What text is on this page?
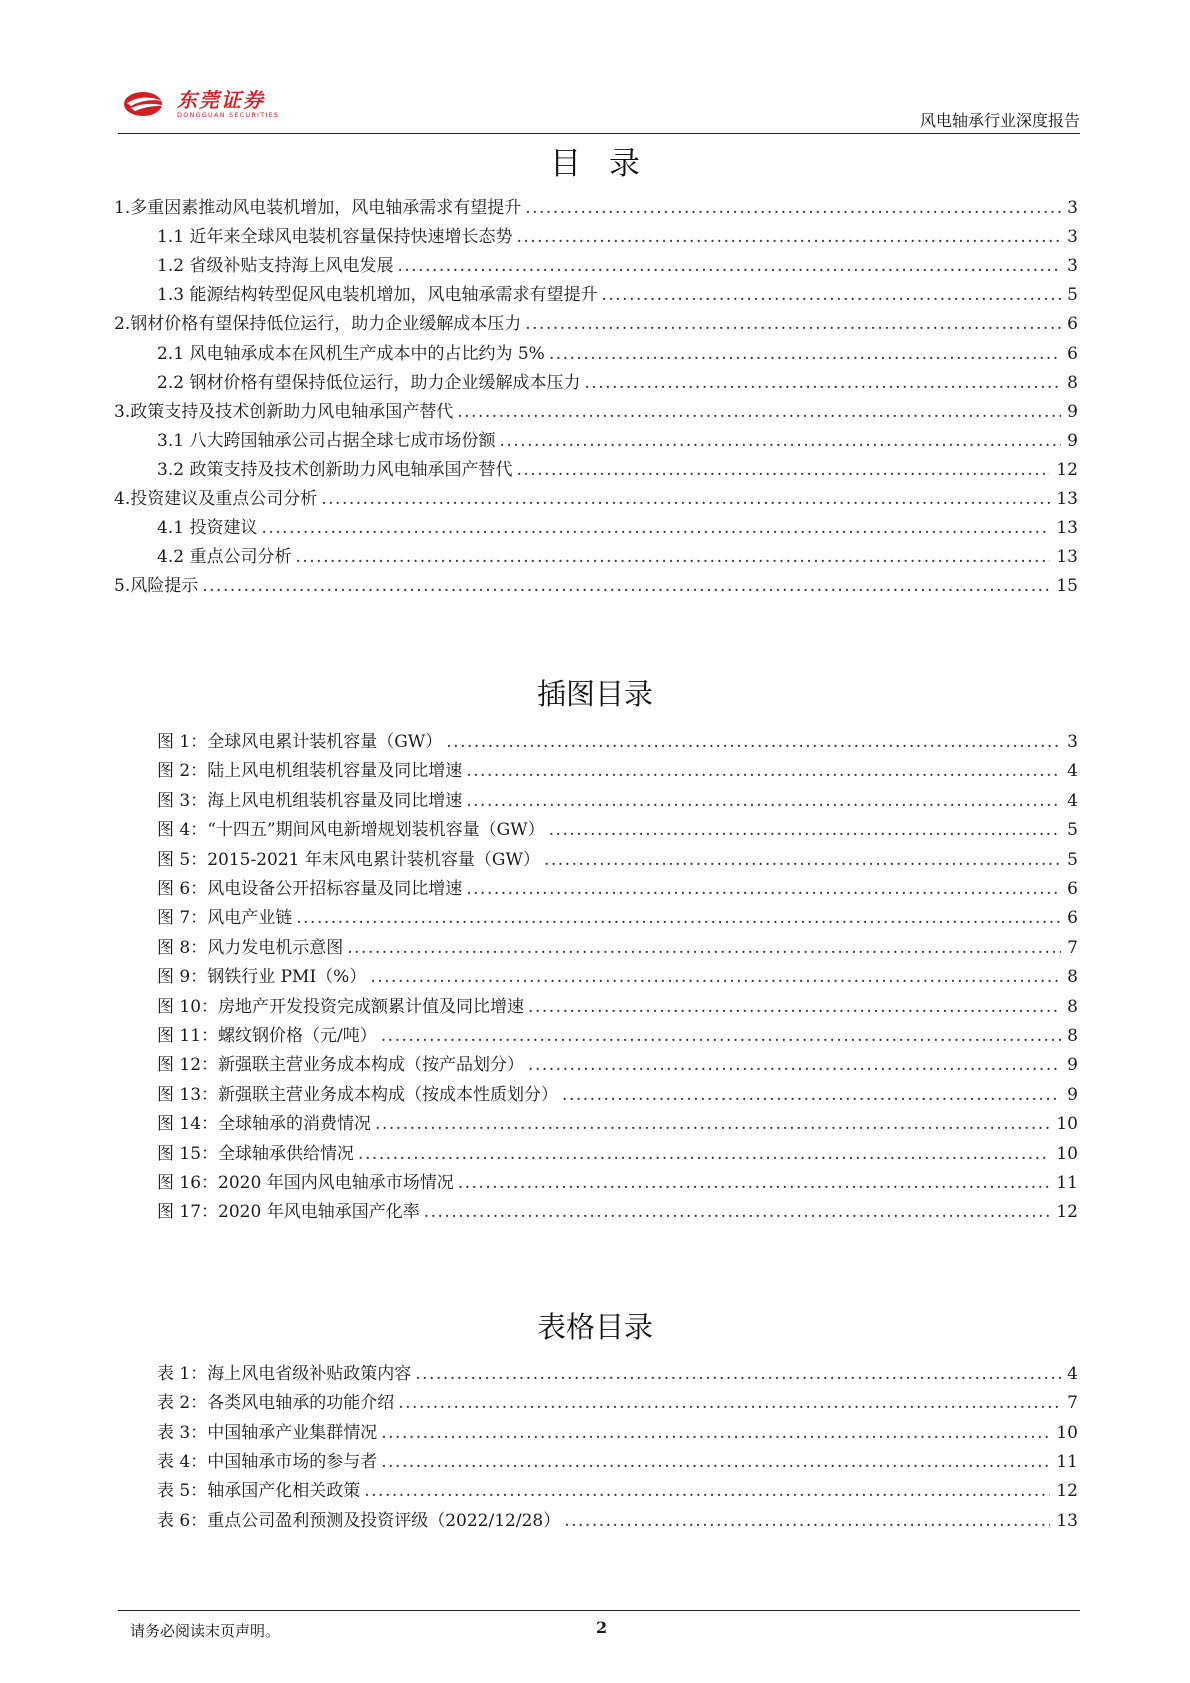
东莞证券
DONGGUAN SECURITIES	风电轴承行业深度报告
目录
1.多重因素推动风电装机增加，风电轴承需求有望提升 .....	3
1.1 近年来全球风电装机容量保持快速增长态势 .....	3
1.2 省级补贴支持海上风电发展 .....	3
1.3 能源结构转型促风电装机增加，风电轴承需求有望提升 .....	5
2.钢材价格有望保持低位运行，助力企业缓解成本压力 .....	6
2.1 风电轴承成本在风机生产成本中的占比约为 5% .....	6
2.2 钢材价格有望保持低位运行，助力企业缓解成本压力 .....	8
3.政策支持及技术创新助力风电轴承国产替代 .....	9
3.1 八大跨国轴承公司占据全球七成市场份额 .....	9
3.2 政策支持及技术创新助力风电轴承国产替代 .....	12
4.投资建议及重点公司分析 .....	13
4.1 投资建议 .....	13
4.2 重点公司分析 .....	13
5.风险提示 .....	15
插图目录
图 1：全球风电累计装机容量（GW） .....	3
图 2：陆上风电机组装机容量及同比增速 .....	4
图 3：海上风电机组装机容量及同比增速 .....	4
图 4：“十四五”期间风电新增规划装机容量（GW） .....	5
图 5：2015-2021 年末风电累计装机容量（GW） .....	5
图 6：风电设备公开招标容量及同比增速 .....	6
图 7：风电产业链 .....	6
图 8：风力发电机示意图 .....	7
图 9：钢铁行业 PMI（%） .....	8
图 10：房地产开发投资完成额累计值及同比增速 .....	8
图 11：螺纹钢价格（元/吨） .....	8
图 12：新强联主营业务成本构成（按产品划分） .....	9
图 13：新强联主营业务成本构成（按成本性质划分） .....	9
图 14：全球轴承的消费情况 .....	10
图 15：全球轴承供给情况 .....	10
图 16：2020 年国内风电轴承市场情况 .....	11
图 17：2020 年风电轴承国产化率 .....	12
表格目录
表 1：海上风电省级补贴政策内容 .....	4
表 2：各类风电轴承的功能介绍 .....	7
表 3：中国轴承产业集群情况 .....	10
表 4：中国轴承市场的参与者 .....	11
表 5：轴承国产化相关政策 .....	12
表 6：重点公司盈利预测及投资评级（2022/12/28） .....	13
请务必阅读末页声明。	2
